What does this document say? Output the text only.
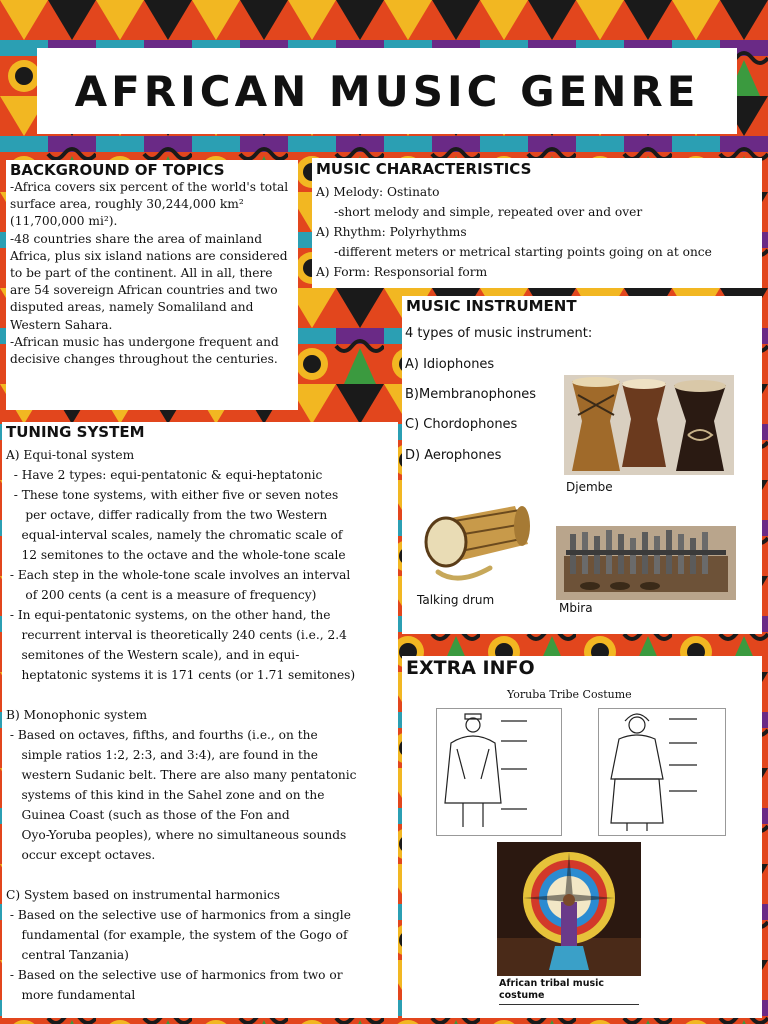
AFRICAN MUSIC GENRE
BACKGROUND OF TOPICS

-Africa covers six percent of the world's total surface area, roughly 30,244,000 km² (11,700,000 mi²).

-48 countries share the area of mainland Africa, plus six island nations are considered to be part of the continent. All in all, there are 54 sovereign African countries and two disputed areas, namely Somaliland and Western Sahara.

-African music has undergone frequent and decisive changes throughout the centuries.

MUSIC CHARACTERISTICS

A) Melody: Ostinato

-short melody and simple, repeated over and over

A) Rhythm: Polyrhythms

-different meters or metrical starting points going on at once

A) Form: Responsorial form

MUSIC INSTRUMENT
4 types of music instrument:
A) Idiophones
B)Membranophones
C) Chordophones
D) Aerophones
Djembe
Talking drum
Mbira
TUNING SYSTEM

A) Equi-tonal system

- Have 2 types: equi-pentatonic & equi-heptatonic

- These tone systems, with either five or seven notes

per octave, differ radically from the two Western

equal-interval scales, namely the chromatic scale of

12 semitones to the octave and the whole-tone scale

- Each step in the whole-tone scale involves an interval

of 200 cents (a cent is a measure of frequency)

- In equi-pentatonic systems, on the other hand, the

recurrent interval is theoretically 240 cents (i.e., 2.4

semitones of the Western scale), and in equi-

heptatonic systems it is 171 cents (or 1.71 semitones)

B) Monophonic system

- Based on octaves, fifths, and fourths (i.e., on the

simple ratios 1:2, 2:3, and 3:4), are found in the

western Sudanic belt. There are also many pentatonic

systems of this kind in the Sahel zone and on the

Guinea Coast (such as those of the Fon and

Oyo-Yoruba peoples), where no simultaneous sounds

occur except octaves.

C) System based on instrumental harmonics

- Based on the selective use of harmonics from a single

fundamental (for example, the system of the Gogo of

central Tanzania)

- Based on the selective use of harmonics from two or

more fundamental

EXTRA INFO
Yoruba Tribe Costume
African tribal music costume
